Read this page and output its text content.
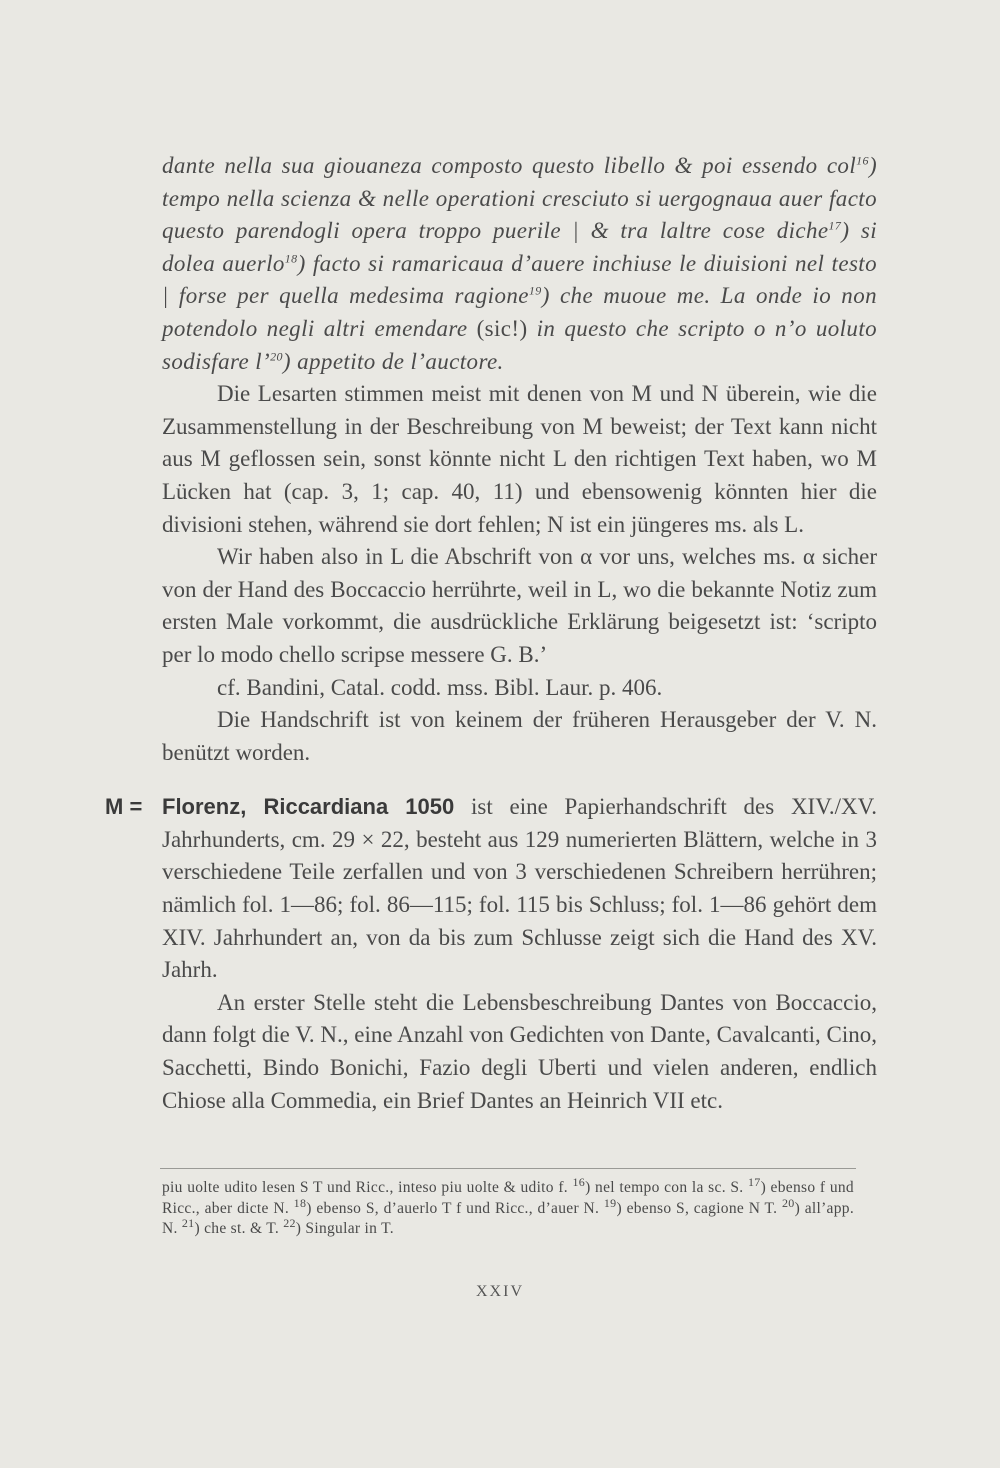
dante nella sua giouaneza composto questo libello & poi essendo col$^{16}$) tempo nella scienza & nelle operationi cresciuto si uergognaua auer facto questo parendogli opera troppo puerile | & tra laltre cose diche$^{17}$) si dolea auerlo$^{18}$) facto si ramaricaua d’auere inchiuse le diuisioni nel testo | forse per quella medesima ragione$^{19}$) che muoue me. La onde io non potendolo negli altri emendare (sic!) in questo che scripto o n’o uoluto sodisfare l’$^{20}$) appetito de l’auctore.

Die Lesarten stimmen meist mit denen von M und N überein, wie die Zusammenstellung in der Beschreibung von M beweist; der Text kann nicht aus M geflossen sein, sonst könnte nicht L den richtigen Text haben, wo M Lücken hat (cap. 3, 1; cap. 40, 11) und ebensowenig könnten hier die divisioni stehen, während sie dort fehlen; N ist ein jüngeres ms. als L.

Wir haben also in L die Abschrift von α vor uns, welches ms. α sicher von der Hand des Boccaccio herrührte, weil in L, wo die bekannte Notiz zum ersten Male vorkommt, die ausdrückliche Erklärung beigesetzt ist: ‘scripto per lo modo chello scripse messere G. B.’

cf. Bandini, Catal. codd. mss. Bibl. Laur. p. 406.

Die Handschrift ist von keinem der früheren Herausgeber der V. N. benützt worden.

M = Florenz, Riccardiana 1050 ist eine Papierhandschrift des XIV./XV. Jahrhunderts, cm. 29 × 22, besteht aus 129 numerierten Blättern, welche in 3 verschiedene Teile zerfallen und von 3 verschiedenen Schreibern herrühren; nämlich fol. 1—86; fol. 86—115; fol. 115 bis Schluss; fol. 1—86 gehört dem XIV. Jahrhundert an, von da bis zum Schlusse zeigt sich die Hand des XV. Jahrh.

An erster Stelle steht die Lebensbeschreibung Dantes von Boccaccio, dann folgt die V. N., eine Anzahl von Gedichten von Dante, Cavalcanti, Cino, Sacchetti, Bindo Bonichi, Fazio degli Uberti und vielen anderen, endlich Chiose alla Commedia, ein Brief Dantes an Heinrich VII etc.

piu uolte udito lesen S T und Ricc., inteso piu uolte & udito f. $^{16}$) nel tempo con la sc. S. $^{17}$) ebenso f und Ricc., aber dicte N. $^{18}$) ebenso S, d’auerlo T f und Ricc., d’auer N. $^{19}$) ebenso S, cagione N T. $^{20}$) all’app. N. $^{21}$) che st. & T. $^{22}$) Singular in T.

XXIV
